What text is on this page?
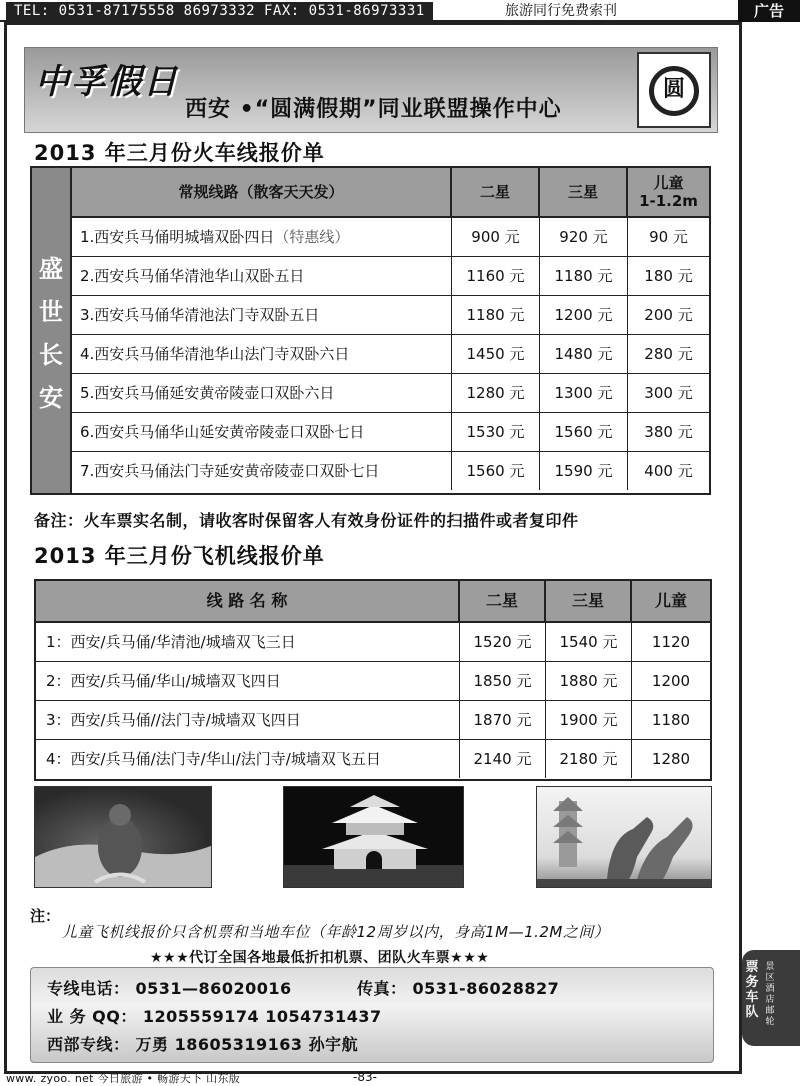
TEL: 0531-87175558 86973332 FAX: 0531-86973331	旅游同行免费索刊	广告
中孚假日
西安 •“圆满假期”同业联盟操作中心
圆
2013 年三月份火车线报价单
盛
世
长
安
常规线路（散客天天发）	二星	三星	儿童
1-1.2m
1.西安兵马俑明城墙双卧四日（特惠线）	900 元	920 元	90 元
2.西安兵马俑华清池华山双卧五日	1160 元	1180 元	180 元
3.西安兵马俑华清池法门寺双卧五日	1180 元	1200 元	200 元
4.西安兵马俑华清池华山法门寺双卧六日	1450 元	1480 元	280 元
5.西安兵马俑延安黄帝陵壶口双卧六日	1280 元	1300 元	300 元
6.西安兵马俑华山延安黄帝陵壶口双卧七日	1530 元	1560 元	380 元
7.西安兵马俑法门寺延安黄帝陵壶口双卧七日	1560 元	1590 元	400 元
备注：火车票实名制，请收客时保留客人有效身份证件的扫描件或者复印件
2013 年三月份飞机线报价单
线 路 名 称	二星	三星	儿童
1：西安/兵马俑/华清池/城墙双飞三日	1520 元	1540 元	1120
2：西安/兵马俑/华山/城墙双飞四日	1850 元	1880 元	1200
3：西安/兵马俑//法门寺/城墙双飞四日	1870 元	1900 元	1180
4：西安/兵马俑/法门寺/华山/法门寺/城墙双飞五日	2140 元	2180 元	1280
注：
儿童飞机线报价只含机票和当地车位（年龄12周岁以内，身高1M—1.2M之间）
★★★代订全国各地最低折扣机票、团队火车票★★★
专线电话： 0531—86020016	传真： 0531-86028827
业 务 QQ： 1205559174 1054731437
西部专线： 万勇 18605319163 孙宇航
票务车队
景区酒店邮轮
www. zyoo. net 今日旅游 • 畅游天下 山东版	-83-
